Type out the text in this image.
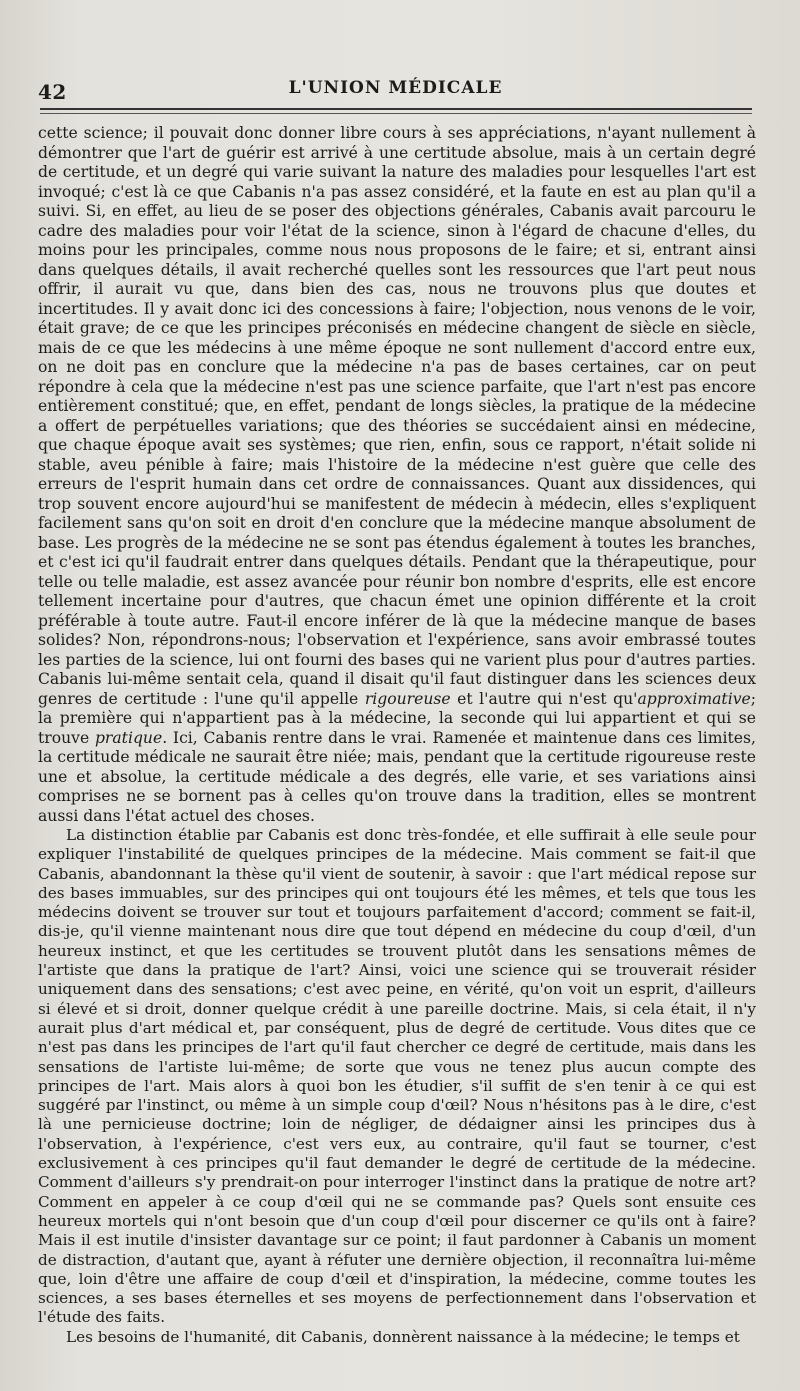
42	L'UNION MÉDICALE

cette science; il pouvait donc donner libre cours à ses appréciations, n'ayant nullement à démontrer que l'art de guérir est arrivé à une certitude absolue, mais à un certain degré de certitude, et un degré qui varie suivant la nature des maladies pour lesquelles l'art est invoqué; c'est là ce que Cabanis n'a pas assez considéré, et la faute en est au plan qu'il a suivi. Si, en effet, au lieu de se poser des objections générales, Cabanis avait parcouru le cadre des maladies pour voir l'état de la science, sinon à l'égard de chacune d'elles, du moins pour les principales, comme nous nous proposons de le faire; et si, entrant ainsi dans quelques détails, il avait recherché quelles sont les ressources que l'art peut nous offrir, il aurait vu que, dans bien des cas, nous ne trouvons plus que doutes et incertitudes. Il y avait donc ici des concessions à faire; l'objection, nous venons de le voir, était grave; de ce que les principes préconisés en médecine changent de siècle en siècle, mais de ce que les médecins à une même époque ne sont nullement d'accord entre eux, on ne doit pas en conclure que la médecine n'a pas de bases certaines, car on peut répondre à cela que la médecine n'est pas une science parfaite, que l'art n'est pas encore entièrement constitué; que, en effet, pendant de longs siècles, la pratique de la médecine a offert de perpétuelles variations; que des théories se succédaient ainsi en médecine, que chaque époque avait ses systèmes; que rien, enfin, sous ce rapport, n'était solide ni stable, aveu pénible à faire; mais l'histoire de la médecine n'est guère que celle des erreurs de l'esprit humain dans cet ordre de connaissances. Quant aux dissidences, qui trop souvent encore aujourd'hui se manifestent de médecin à médecin, elles s'expliquent facilement sans qu'on soit en droit d'en conclure que la médecine manque absolument de base. Les progrès de la médecine ne se sont pas étendus également à toutes les branches, et c'est ici qu'il faudrait entrer dans quelques détails. Pendant que la thérapeutique, pour telle ou telle maladie, est assez avancée pour réunir bon nombre d'esprits, elle est encore tellement incertaine pour d'autres, que chacun émet une opinion différente et la croit préférable à toute autre. Faut-il encore inférer de là que la médecine manque de bases solides? Non, répondrons-nous; l'observation et l'expérience, sans avoir embrassé toutes les parties de la science, lui ont fourni des bases qui ne varient plus pour d'autres parties. Cabanis lui-même sentait cela, quand il disait qu'il faut distinguer dans les sciences deux genres de certitude : l'une qu'il appelle rigoureuse et l'autre qui n'est qu'approximative; la première qui n'appartient pas à la médecine, la seconde qui lui appartient et qui se trouve pratique. Ici, Cabanis rentre dans le vrai. Ramenée et maintenue dans ces limites, la certitude médicale ne saurait être niée; mais, pendant que la certitude rigoureuse reste une et absolue, la certitude médicale a des degrés, elle varie, et ses variations ainsi comprises ne se bornent pas à celles qu'on trouve dans la tradition, elles se montrent aussi dans l'état actuel des choses.

La distinction établie par Cabanis est donc très-fondée, et elle suffirait à elle seule pour expliquer l'instabilité de quelques principes de la médecine. Mais comment se fait-il que Cabanis, abandonnant la thèse qu'il vient de soutenir, à savoir : que l'art médical repose sur des bases immuables, sur des principes qui ont toujours été les mêmes, et tels que tous les médecins doivent se trouver sur tout et toujours parfaitement d'accord; comment se fait-il, dis-je, qu'il vienne maintenant nous dire que tout dépend en médecine du coup d'œil, d'un heureux instinct, et que les certitudes se trouvent plutôt dans les sensations mêmes de l'artiste que dans la pratique de l'art? Ainsi, voici une science qui se trouverait résider uniquement dans des sensations; c'est avec peine, en vérité, qu'on voit un esprit, d'ailleurs si élevé et si droit, donner quelque crédit à une pareille doctrine. Mais, si cela était, il n'y aurait plus d'art médical et, par conséquent, plus de degré de certitude. Vous dites que ce n'est pas dans les principes de l'art qu'il faut chercher ce degré de certitude, mais dans les sensations de l'artiste lui-même; de sorte que vous ne tenez plus aucun compte des principes de l'art. Mais alors à quoi bon les étudier, s'il suffit de s'en tenir à ce qui est suggéré par l'instinct, ou même à un simple coup d'œil? Nous n'hésitons pas à le dire, c'est là une pernicieuse doctrine; loin de négliger, de dédaigner ainsi les principes dus à l'observation, à l'expérience, c'est vers eux, au contraire, qu'il faut se tourner, c'est exclusivement à ces principes qu'il faut demander le degré de certitude de la médecine. Comment d'ailleurs s'y prendrait-on pour interroger l'instinct dans la pratique de notre art? Comment en appeler à ce coup d'œil qui ne se commande pas? Quels sont ensuite ces heureux mortels qui n'ont besoin que d'un coup d'œil pour discerner ce qu'ils ont à faire? Mais il est inutile d'insister davantage sur ce point; il faut pardonner à Cabanis un moment de distraction, d'autant que, ayant à réfuter une dernière objection, il reconnaîtra lui-même que, loin d'être une affaire de coup d'œil et d'inspiration, la médecine, comme toutes les sciences, a ses bases éternelles et ses moyens de perfectionnement dans l'observation et l'étude des faits.

Les besoins de l'humanité, dit Cabanis, donnèrent naissance à la médecine; le temps et
